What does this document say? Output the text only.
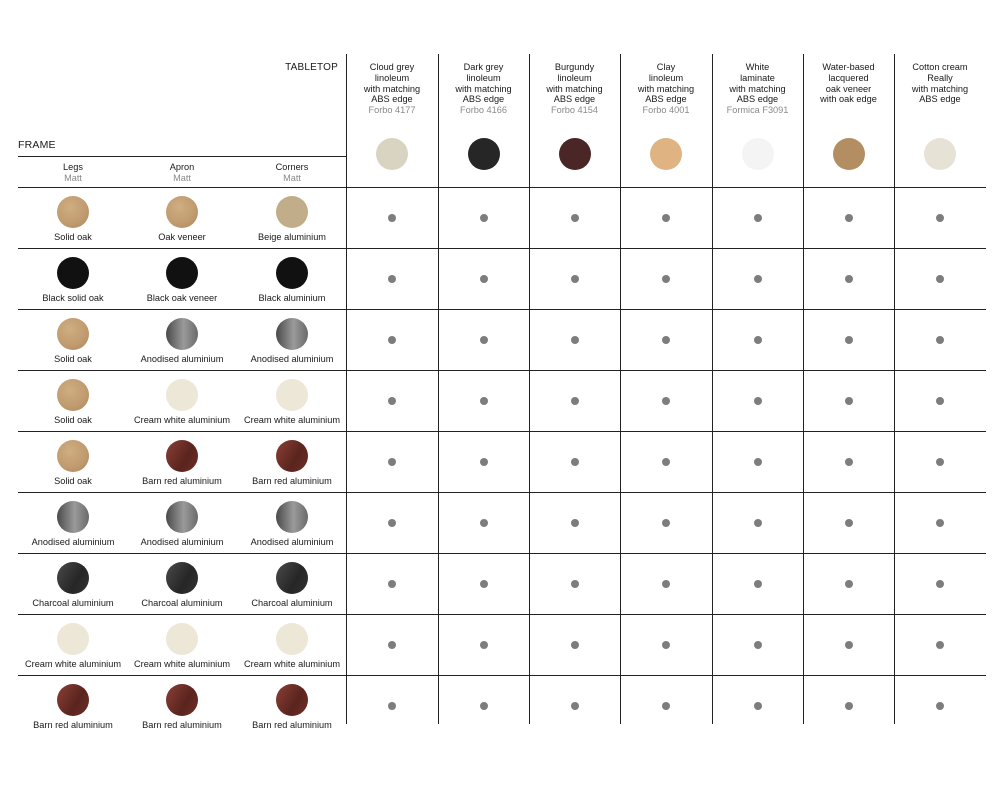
TABLETOP
FRAME
Cloud grey
linoleum
with matching
ABS edge
Forbo 4177
Dark grey
linoleum
with matching
ABS edge
Forbo 4166
Burgundy
linoleum
with matching
ABS edge
Forbo 4154
Clay
linoleum
with matching
ABS edge
Forbo 4001
White
laminate
with matching
ABS edge
Formica F3091
Water-based
lacquered
oak veneer
with oak edge
Cotton cream
Really
with matching
ABS edge
Legs
Matt
Apron
Matt
Corners
Matt
Solid oak	Oak veneer	Beige aluminium
Black solid oak	Black oak veneer	Black aluminium
Solid oak	Anodised aluminium	Anodised aluminium
Solid oak	Cream white aluminium	Cream white aluminium
Solid oak	Barn red aluminium	Barn red aluminium
Anodised aluminium	Anodised aluminium	Anodised aluminium
Charcoal aluminium	Charcoal aluminium	Charcoal aluminium
Cream white aluminium	Cream white aluminium	Cream white aluminium
Barn red aluminium	Barn red aluminium	Barn red aluminium
